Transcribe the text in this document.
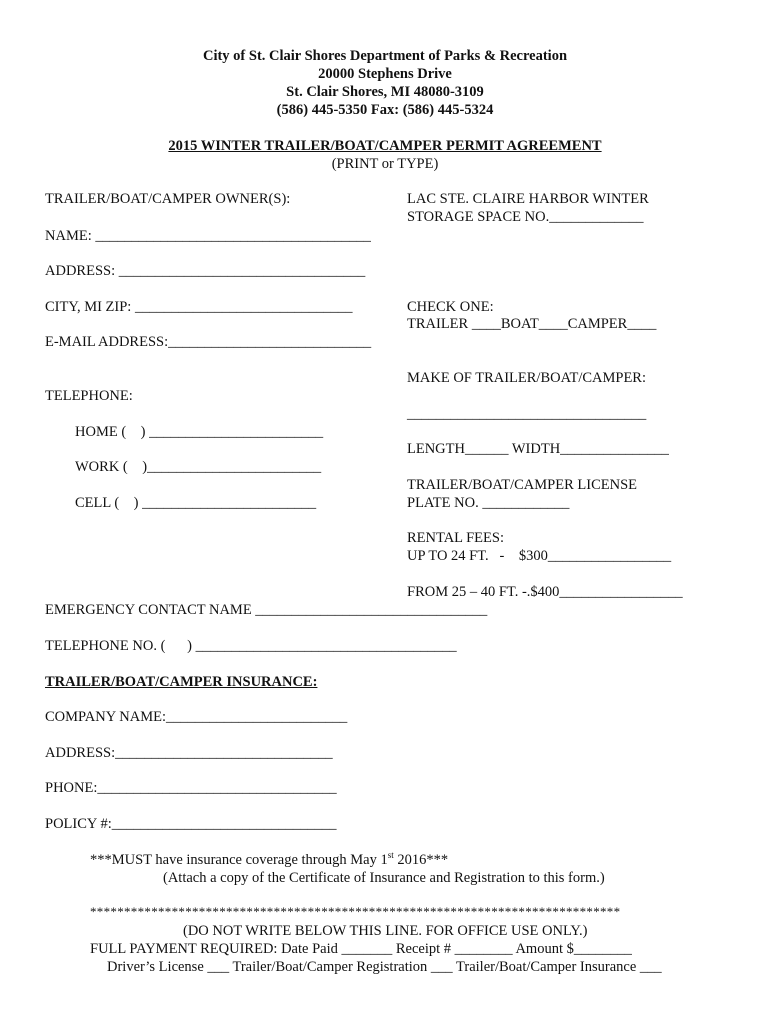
City of St. Clair Shores Department of Parks & Recreation
20000 Stephens Drive
St. Clair Shores, MI 48080-3109
(586) 445-5350 Fax: (586) 445-5324
2015 WINTER TRAILER/BOAT/CAMPER PERMIT AGREEMENT
(PRINT or TYPE)
TRAILER/BOAT/CAMPER OWNER(S):
NAME: ______________________________________
ADDRESS: __________________________________
CITY, MI ZIP: ______________________________
E-MAIL ADDRESS:____________________________
TELEPHONE:
HOME (    ) ________________________
WORK (    )________________________
CELL (    ) ________________________
LAC STE. CLAIRE HARBOR WINTER
STORAGE SPACE NO._____________
CHECK ONE:
TRAILER ____BOAT____CAMPER____
MAKE OF TRAILER/BOAT/CAMPER:
_________________________________
LENGTH______ WIDTH_______________
TRAILER/BOAT/CAMPER LICENSE
PLATE NO. ____________
RENTAL FEES:
UP TO 24 FT.   -    $300_________________
FROM 25 – 40 FT. -.$400_________________
EMERGENCY CONTACT NAME ________________________________
TELEPHONE NO. (      ) ____________________________________
TRAILER/BOAT/CAMPER INSURANCE:
COMPANY NAME:_________________________
ADDRESS:______________________________
PHONE:_________________________________
POLICY #:_______________________________
***MUST have insurance coverage through May 1st 2016***
(Attach a copy of the Certificate of Insurance and Registration to this form.)
******************************************************************************
(DO NOT WRITE BELOW THIS LINE. FOR OFFICE USE ONLY.)
FULL PAYMENT REQUIRED: Date Paid _______ Receipt # ________ Amount $________
Driver’s License ___ Trailer/Boat/Camper Registration ___ Trailer/Boat/Camper Insurance ___
